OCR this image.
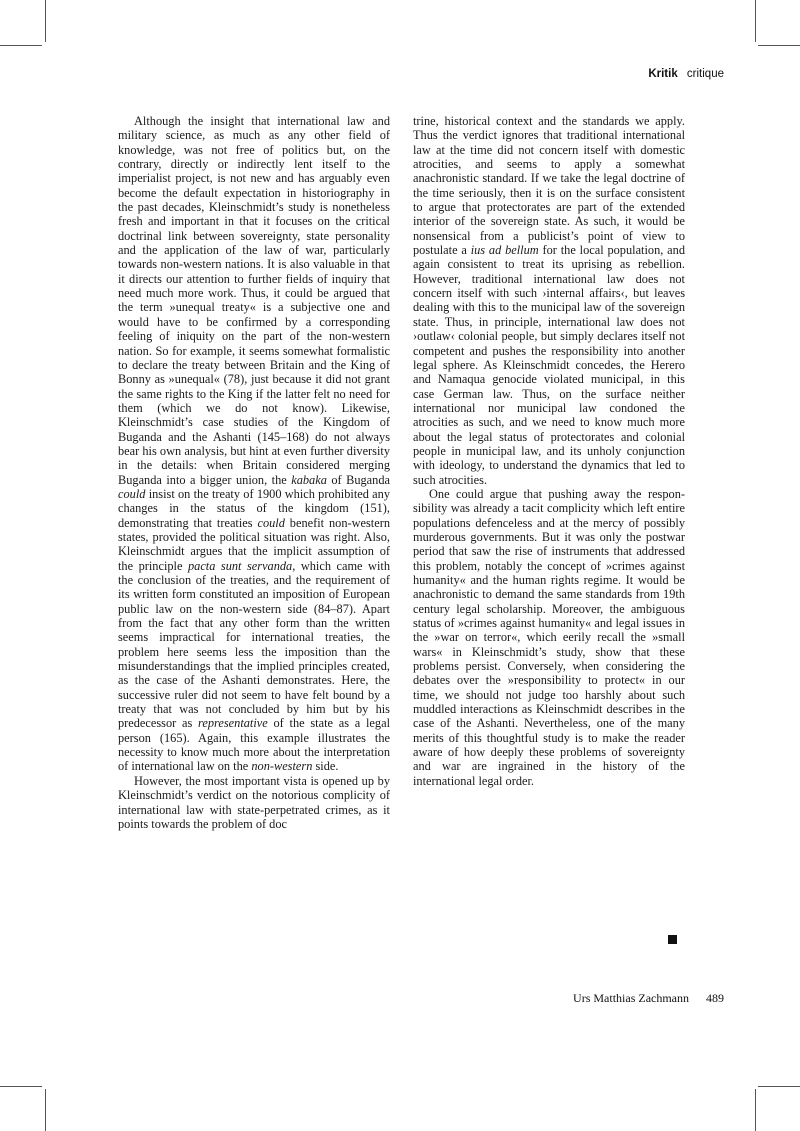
Kritik critique

Although the insight that international law and military science, as much as any other field of knowledge, was not free of politics but, on the contrary, directly or indirectly lent itself to the imperialist project, is not new and has arguably even become the default expectation in historiography in the past decades, Kleinschmidt’s study is nonetheless fresh and important in that it focuses on the critical doctrinal link between sovereignty, state personality and the application of the law of war, particularly towards non-western nations. It is also valuable in that it directs our attention to further fields of inquiry that need much more work. Thus, it could be argued that the term »unequal treaty« is a subjective one and would have to be confirmed by a corresponding feeling of iniquity on the part of the non-western nation. So for example, it seems somewhat formalistic to declare the treaty between Britain and the King of Bonny as »unequal« (78), just because it did not grant the same rights to the King if the latter felt no need for them (which we do not know). Likewise, Kleinschmidt’s case studies of the Kingdom of Buganda and the Ashanti (145–168) do not always bear his own analysis, but hint at even further diversity in the details: when Britain considered merging Buganda into a bigger union, the kabaka of Buganda could insist on the treaty of 1900 which prohibited any changes in the status of the kingdom (151), demonstrating that treaties could benefit non-western states, provided the political situation was right. Also, Kleinschmidt argues that the implicit assumption of the principle pacta sunt servanda, which came with the conclusion of the treaties, and the requirement of its written form constituted an imposition of European public law on the non-western side (84–87). Apart from the fact that any other form than the written seems impractical for international treaties, the problem here seems less the imposition than the misunderstandings that the implied principles created, as the case of the Ashanti demonstrates. Here, the successive ruler did not seem to have felt bound by a treaty that was not concluded by him but by his predecessor as representative of the state as a legal person (165). Again, this example illustrates the necessity to know much more about the interpretation of international law on the non-western side.

However, the most important vista is opened up by Kleinschmidt’s verdict on the notorious complicity of international law with state-perpetrated crimes, as it points towards the problem of doc

trine, historical context and the standards we apply. Thus the verdict ignores that traditional international law at the time did not concern itself with domestic atrocities, and seems to apply a somewhat anachronistic standard. If we take the legal doctrine of the time seriously, then it is on the surface consistent to argue that protectorates are part of the extended interior of the sovereign state. As such, it would be nonsensical from a publicist’s point of view to postulate a ius ad bellum for the local population, and again consistent to treat its uprising as rebellion. However, traditional international law does not concern itself with such ›internal affairs‹, but leaves dealing with this to the municipal law of the sovereign state. Thus, in principle, international law does not ›outlaw‹ colonial people, but simply declares itself not competent and pushes the responsibility into another legal sphere. As Kleinschmidt concedes, the Herero and Namaqua genocide violated municipal, in this case German law. Thus, on the surface neither international nor municipal law condoned the atrocities as such, and we need to know much more about the legal status of protectorates and colonial people in municipal law, and its unholy conjunction with ideology, to understand the dynamics that led to such atrocities.

One could argue that pushing away the responsibility was already a tacit complicity which left entire populations defenceless and at the mercy of possibly murderous governments. But it was only the postwar period that saw the rise of instruments that addressed this problem, notably the concept of »crimes against humanity« and the human rights regime. It would be anachronistic to demand the same standards from 19th century legal scholarship. Moreover, the ambiguous status of »crimes against humanity« and legal issues in the »war on terror«, which eerily recall the »small wars« in Kleinschmidt’s study, show that these problems persist. Conversely, when considering the debates over the »responsibility to protect« in our time, we should not judge too harshly about such muddled interactions as Kleinschmidt describes in the case of the Ashanti. Nevertheless, one of the many merits of this thoughtful study is to make the reader aware of how deeply these problems of sovereignty and war are ingrained in the history of the international legal order.

Urs Matthias Zachmann 489
